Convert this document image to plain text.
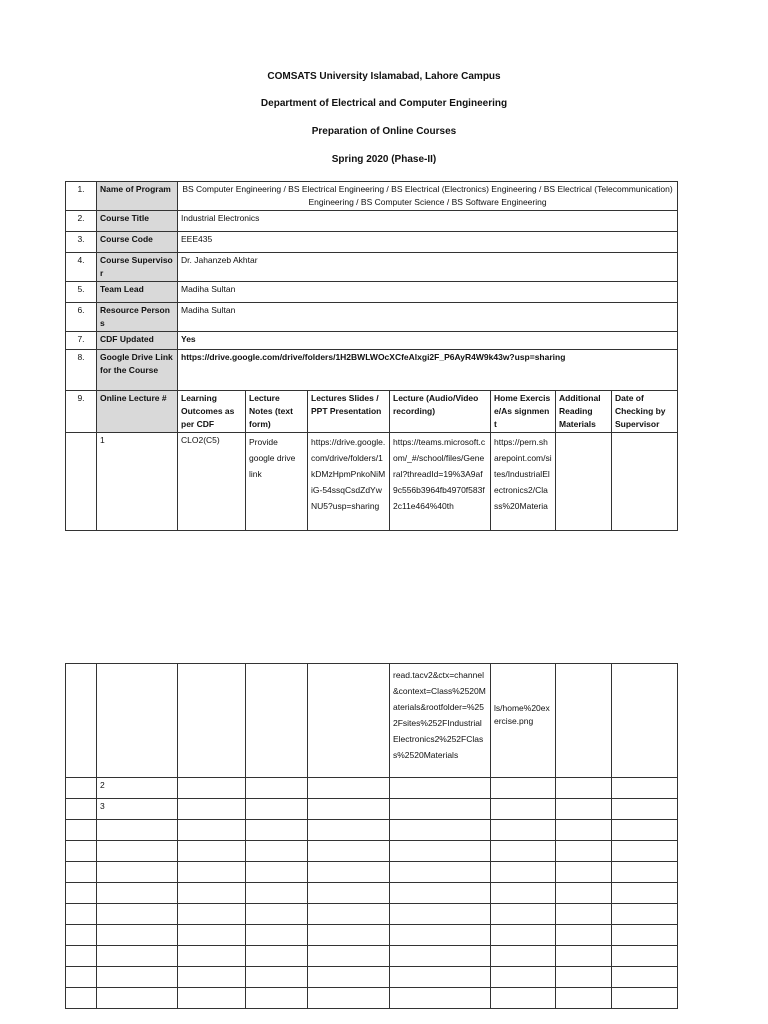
COMSATS University Islamabad, Lahore Campus
Department of Electrical and Computer Engineering
Preparation of Online Courses
Spring 2020 (Phase-II)
1.	Name of Program	BS Computer Engineering / BS Electrical Engineering / BS Electrical (Electronics) Engineering / BS Electrical (Telecommunication) Engineering / BS Computer Science / BS Software Engineering						
2.	Course Title	Industrial Electronics						
3.	Course Code	EEE435						
4.	Course Supervisor	Dr. Jahanzeb Akhtar						
5.	Team Lead	Madiha Sultan						
6.	Resource Persons	Madiha Sultan						
7.	CDF Updated	Yes						
8.	Google Drive Link for the Course	https://drive.google.com/drive/folders/1H2BWLWOcXCfeAlxgi2F_P6AyR4W9k43w?usp=sharing						
9.	Online Lecture #	Learning Outcomes as per CDF	Lecture Notes (text form)	Lectures Slides / PPT Presentation	Lecture (Audio/Video recording)	Home Exercise/As signment	Additional Reading Materials	Date of Checking by Supervisor
	1	CLO2(C5)	Provide google drive link	https://drive.google.com/drive/folders/1kDMzHpmPnkoNiMiG-54ssqCsdZdYwNU5?usp=sharing	https://teams.microsoft.com/_#/school/files/General?threadId=19%3A9af9c556b3964fb4970f583f2c11e464%40th	https://pern.sharepoint.com/sites/IndustrialElectronics2/Class%20Materia		
					read.tacv2&ctx=channel&context=Class%2520Materials&rootfolder=%252Fsites%252FIndustrialElectronics2%252FClass%2520Materials	ls/home%20exercise.png		
	2							
	3							
